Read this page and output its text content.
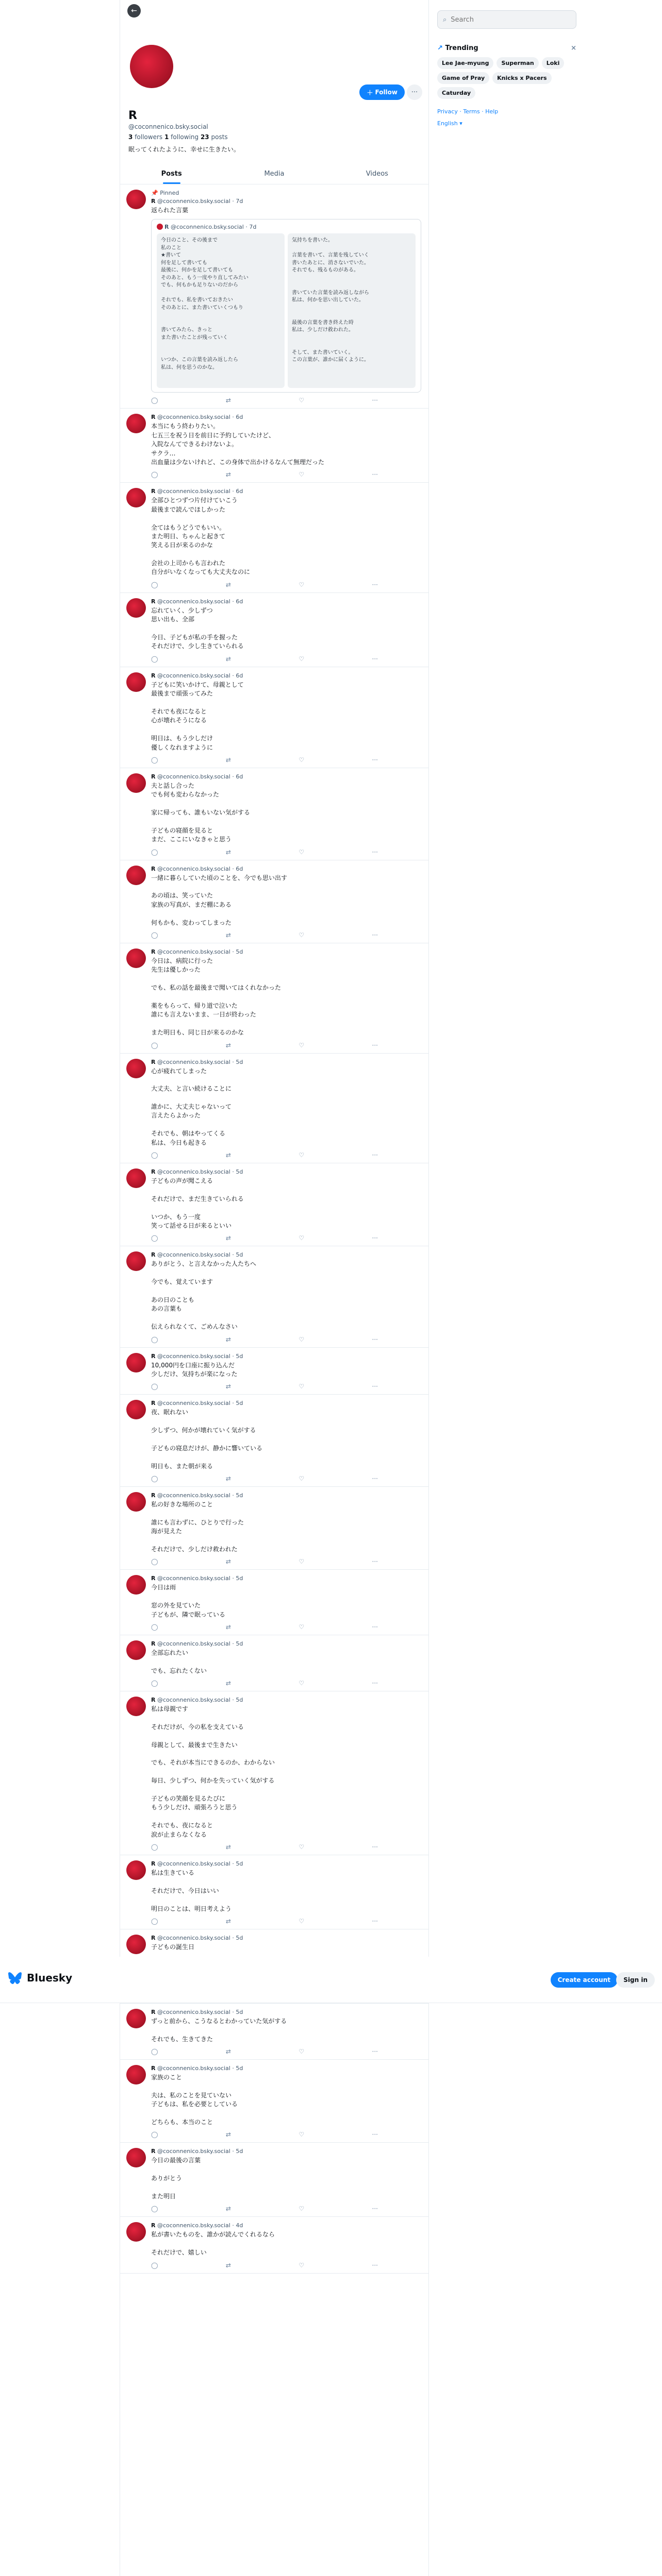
←
＋ Follow	···
R
@coconnenico.bsky.social
3 followers 1 following 23 posts
眠ってくれたように、幸せに生きたい。
Posts	Media	Videos
📌 Pinned
R @coconnenico.bsky.social · 7d
返られた言葉
R @coconnenico.bsky.social · 7d
今日のこと、その後まで
私のこと
★書いて
何を足して書いても
最後に、何かを足して書いても
そのあと、もう一度やり直してみたい
でも、何もかも足りないのだから

それでも、私を書いておきたい
そのあとに、また書いていくつもり

書いてみたら、きっと
また書いたことが残っていく

いつか、この言葉を読み返したら
私は、何を思うのかな。
気持ちを書いた。

言葉を書いて、言葉を残していく
書いたあとに、消さないでいた。
それでも、残るものがある。

書いていた言葉を読み返しながら
私は、何かを思い出していた。

最後の言葉を書き終えた時
私は、少しだけ救われた。

そして、また書いていく。
この言葉が、誰かに届くように。
◯	⇄	♡	···
R @coconnenico.bsky.social · 6d
本当にもう終わりたい。
七五三を祝う日を前日に予約していたけど、
入院なんてできるわけないよ。
サクラ…
出血量は少ないけれど、この身体で出かけるなんて無理だった
◯	⇄	♡	···
R @coconnenico.bsky.social · 6d
全部ひとつずつ片付けていこう
最後まで読んでほしかった

全てはもうどうでもいい。
また明日、ちゃんと起きて
笑える日が来るのかな

会社の上司からも言われた
自分がいなくなっても大丈夫なのに
◯	⇄	♡	···
R @coconnenico.bsky.social · 6d
忘れていく、少しずつ
思い出も、全部

今日、子どもが私の手を握った
それだけで、少し生きていられる
◯	⇄	♡	···
R @coconnenico.bsky.social · 6d
子どもに笑いかけて、母親として
最後まで頑張ってみた

それでも夜になると
心が壊れそうになる

明日は、もう少しだけ
優しくなれますように
◯	⇄	♡	···
R @coconnenico.bsky.social · 6d
夫と話し合った
でも何も変わらなかった

家に帰っても、誰もいない気がする

子どもの寝顔を見ると
まだ、ここにいなきゃと思う
◯	⇄	♡	···
R @coconnenico.bsky.social · 6d
一緒に暮らしていた頃のことを、今でも思い出す

あの頃は、笑っていた
家族の写真が、まだ棚にある

何もかも、変わってしまった
◯	⇄	♡	···
R @coconnenico.bsky.social · 5d
今日は、病院に行った
先生は優しかった

でも、私の話を最後まで聞いてはくれなかった

薬をもらって、帰り道で泣いた
誰にも言えないまま、一日が終わった

また明日も、同じ日が来るのかな
◯	⇄	♡	···
R @coconnenico.bsky.social · 5d
心が疲れてしまった

大丈夫、と言い続けることに

誰かに、大丈夫じゃないって
言えたらよかった

それでも、朝はやってくる
私は、今日も起きる
◯	⇄	♡	···
R @coconnenico.bsky.social · 5d
子どもの声が聞こえる

それだけで、まだ生きていられる

いつか、もう一度
笑って話せる日が来るといい
◯	⇄	♡	···
R @coconnenico.bsky.social · 5d
ありがとう、と言えなかった人たちへ

今でも、覚えています

あの日のことも
あの言葉も

伝えられなくて、ごめんなさい
◯	⇄	♡	···
R @coconnenico.bsky.social · 5d
10,000円を口座に振り込んだ
少しだけ、気持ちが楽になった
◯	⇄	♡	···
R @coconnenico.bsky.social · 5d
夜、眠れない

少しずつ、何かが壊れていく気がする

子どもの寝息だけが、静かに響いている

明日も、また朝が来る
◯	⇄	♡	···
R @coconnenico.bsky.social · 5d
私の好きな場所のこと

誰にも言わずに、ひとりで行った
海が見えた

それだけで、少しだけ救われた
◯	⇄	♡	···
R @coconnenico.bsky.social · 5d
今日は雨

窓の外を見ていた
子どもが、隣で眠っている
◯	⇄	♡	···
R @coconnenico.bsky.social · 5d
全部忘れたい

でも、忘れたくない
◯	⇄	♡	···
R @coconnenico.bsky.social · 5d
私は母親です

それだけが、今の私を支えている

母親として、最後まで生きたい

でも、それが本当にできるのか、わからない

毎日、少しずつ、何かを失っていく気がする

子どもの笑顔を見るたびに
もう少しだけ、頑張ろうと思う

それでも、夜になると
涙が止まらなくなる
◯	⇄	♡	···
R @coconnenico.bsky.social · 5d
私は生きている

それだけで、今日はいい

明日のことは、明日考えよう
◯	⇄	♡	···
R @coconnenico.bsky.social · 5d
子どもの誕生日

R @coconnenico.bsky.social · 5d
ずっと前から、こうなるとわかっていた気がする

それでも、生きてきた
◯	⇄	♡	···
R @coconnenico.bsky.social · 5d
家族のこと

夫は、私のことを見ていない
子どもは、私を必要としている

どちらも、本当のこと
◯	⇄	♡	···
R @coconnenico.bsky.social · 5d
今日の最後の言葉

ありがとう

また明日
◯	⇄	♡	···
R @coconnenico.bsky.social · 4d
私が書いたものを、誰かが読んでくれるなら

それだけで、嬉しい
◯	⇄	♡	···
⌕
Search
↗ Trending	×
Lee Jae-myung	Superman	Loki
Game of Pray	Knicks x Pacers
Caturday
Privacy · Terms · Help
English ▾
Bluesky	Create account	Sign in
